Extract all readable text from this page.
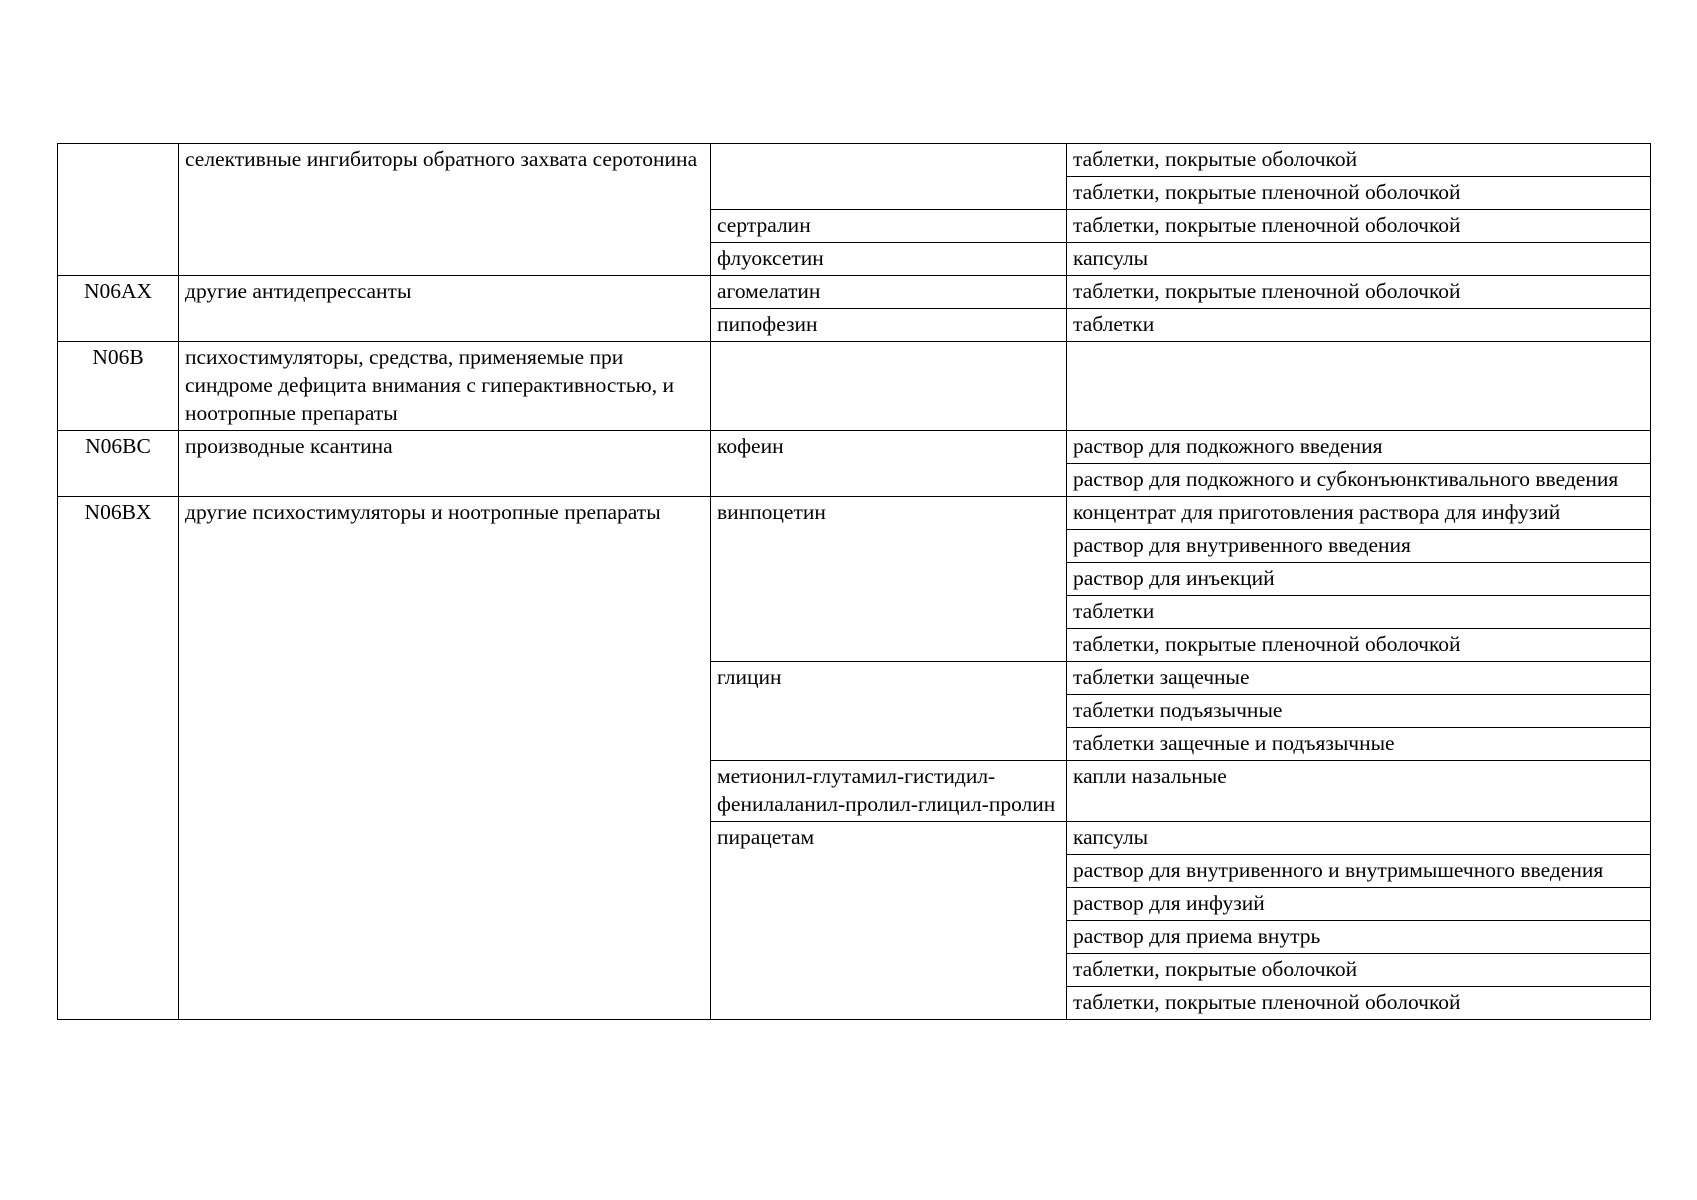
	селективные ингибиторы обратного захвата серотонина		таблетки, покрытые оболочкой
			таблетки, покрытые пленочной оболочкой
		сертралин	таблетки, покрытые пленочной оболочкой
		флуоксетин	капсулы
N06AX	другие антидепрессанты	агомелатин	таблетки, покрытые пленочной оболочкой
		пипофезин	таблетки
N06B	психостимуляторы, средства, применяемые при синдроме дефицита внимания с гиперактивностью, и ноотропные препараты		
N06BC	производные ксантина	кофеин	раствор для подкожного введения
			раствор для подкожного и субконъюнктивального введения
N06BX	другие психостимуляторы и ноотропные препараты	винпоцетин	концентрат для приготовления раствора для инфузий
			раствор для внутривенного введения
			раствор для инъекций
			таблетки
			таблетки, покрытые пленочной оболочкой
		глицин	таблетки защечные
			таблетки подъязычные
			таблетки защечные и подъязычные
		метионил-глутамил-гистидил-фенилаланил-пролил-глицил-пролин	капли назальные
		пирацетам	капсулы
			раствор для внутривенного и внутримышечного введения
			раствор для инфузий
			раствор для приема внутрь
			таблетки, покрытые оболочкой
			таблетки, покрытые пленочной оболочкой
